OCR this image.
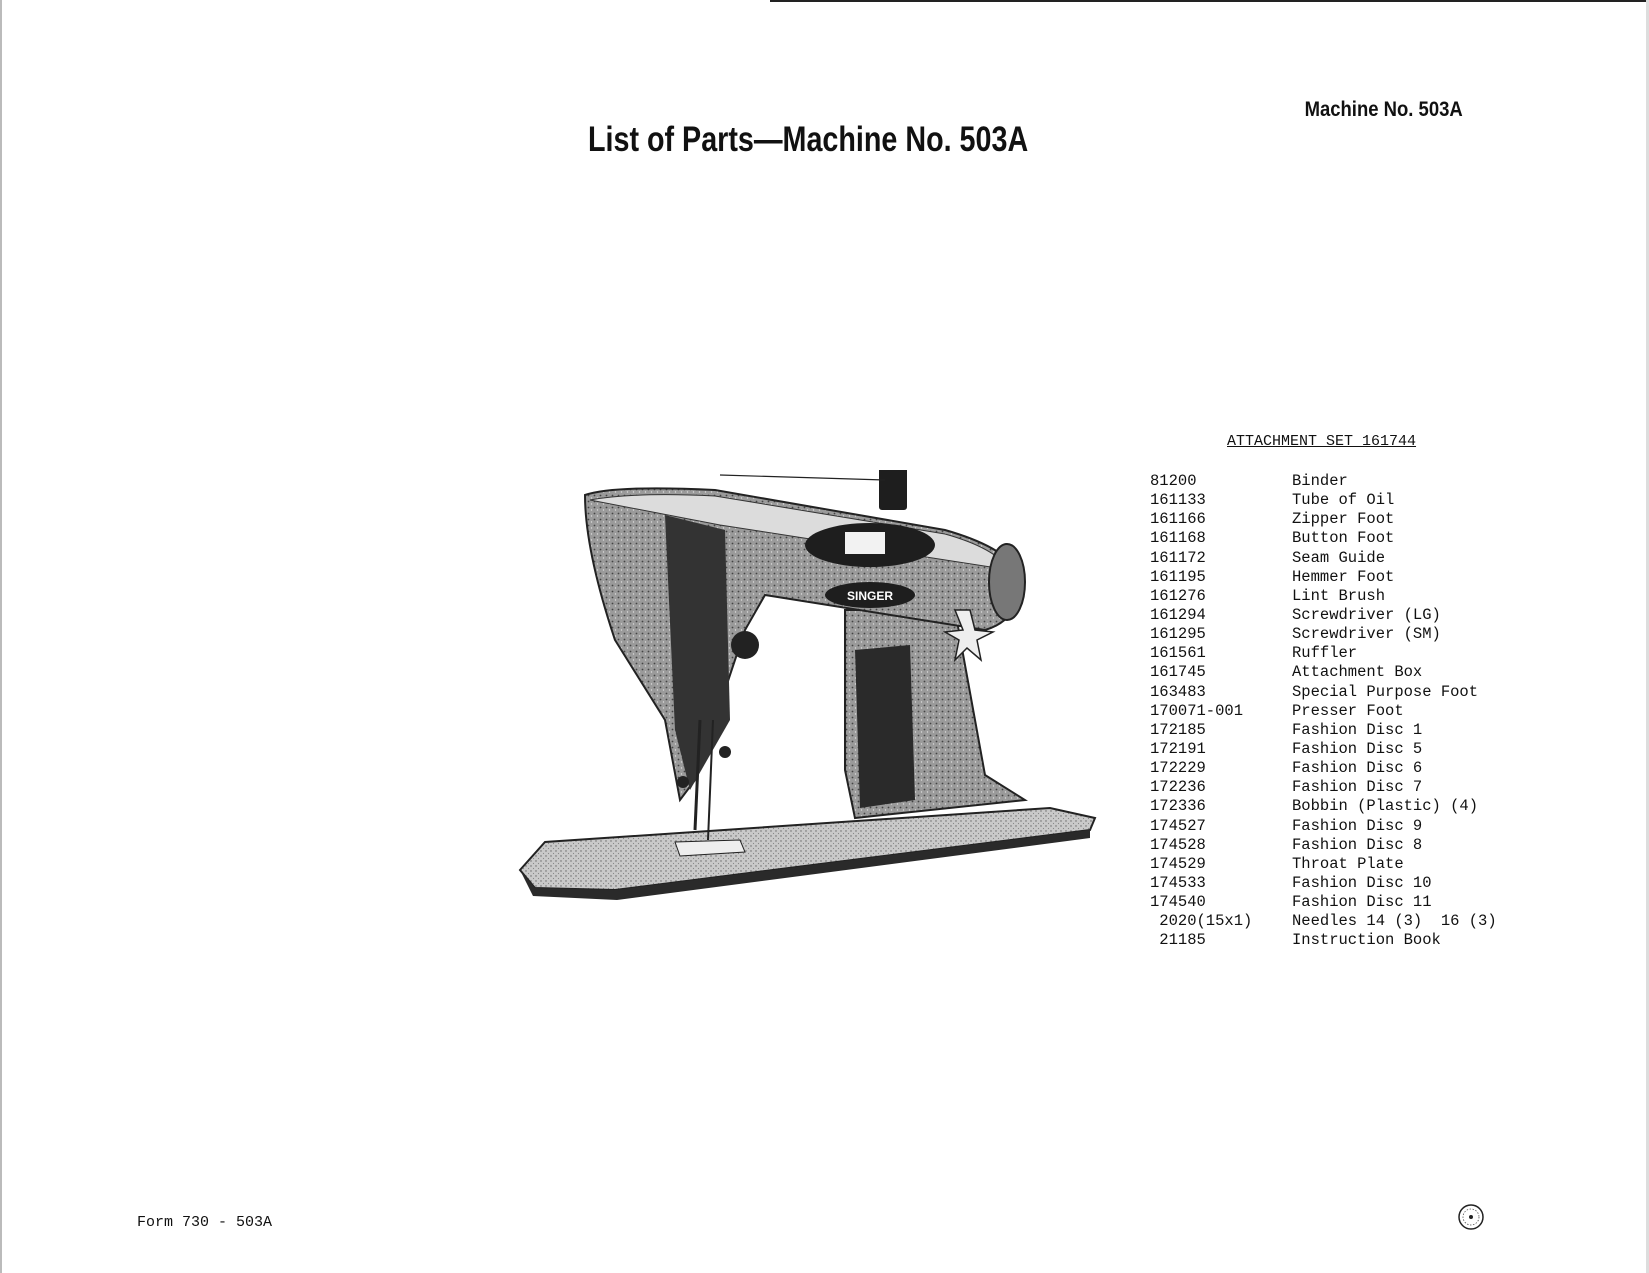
Machine No. 503A
List of Parts—Machine No. 503A
SINGER
ATTACHMENT SET 161744
81200	Binder
161133	Tube of Oil
161166	Zipper Foot
161168	Button Foot
161172	Seam Guide
161195	Hemmer Foot
161276	Lint Brush
161294	Screwdriver (LG)
161295	Screwdriver (SM)
161561	Ruffler
161745	Attachment Box
163483	Special Purpose Foot
170071-001	Presser Foot
172185	Fashion Disc 1
172191	Fashion Disc 5
172229	Fashion Disc 6
172236	Fashion Disc 7
172336	Bobbin (Plastic) (4)
174527	Fashion Disc 9
174528	Fashion Disc 8
174529	Throat Plate
174533	Fashion Disc 10
174540	Fashion Disc 11
2020(15x1)	Needles 14 (3)  16 (3)
21185	Instruction Book
Form 730 - 503A
